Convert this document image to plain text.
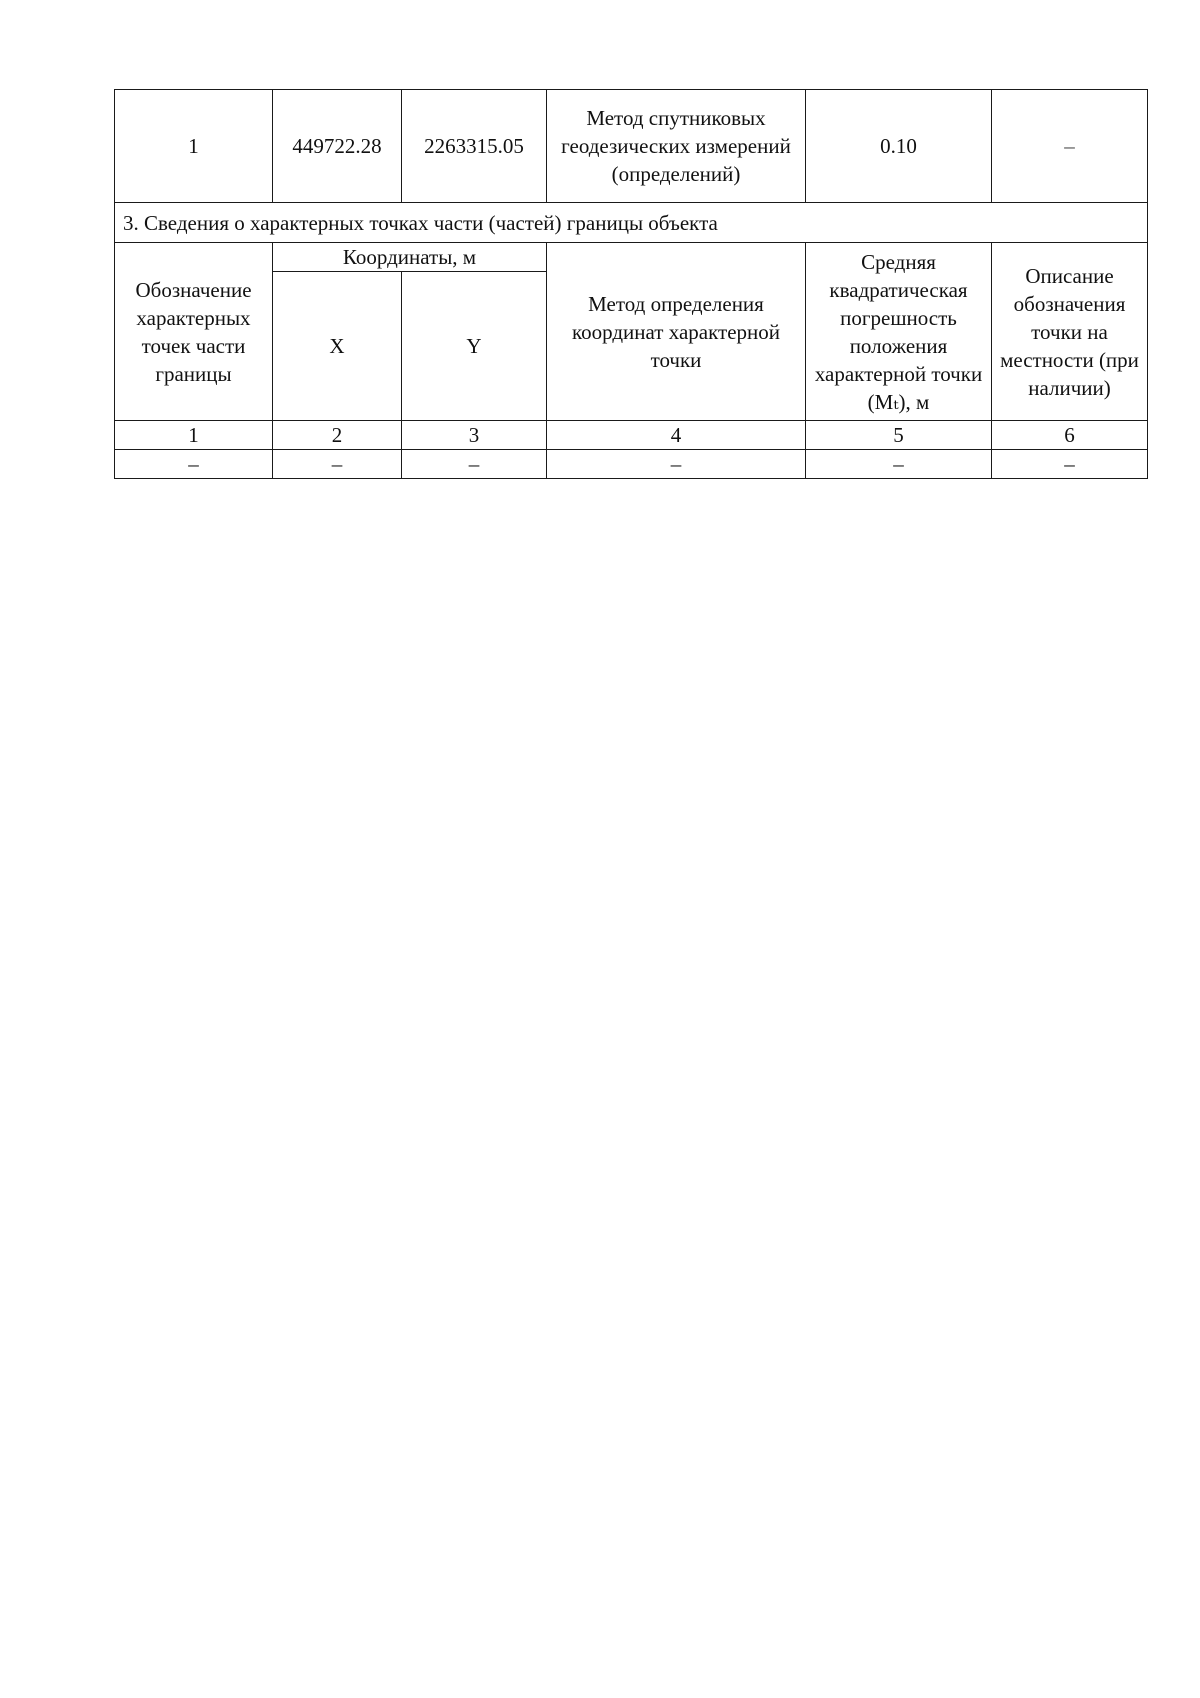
1	449722.28	2263315.05	Метод спутниковых геодезических измерений (определений)	0.10	–
3. Сведения о характерных точках части (частей) границы объекта					
Обозначение характерных точек части границы	Координаты, м		Метод определения координат характерной точки	Средняя квадратическая погрешность положения характерной точки (Mₜ), м	Описание обозначения точки на местности (при наличии)
	X	Y			
1	2	3	4	5	6
–	–	–	–	–	–
